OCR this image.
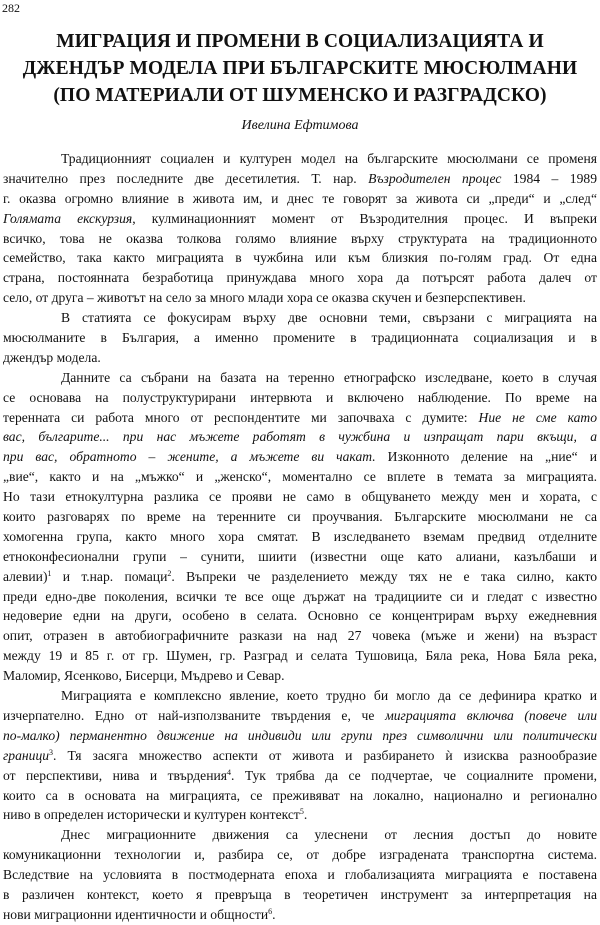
282
МИГРАЦИЯ И ПРОМЕНИ В СОЦИАЛИЗАЦИЯТА И
ДЖЕНДЪР МОДЕЛА ПРИ БЪЛГАРСКИТЕ МЮСЮЛМАНИ
(ПО МАТЕРИАЛИ ОТ ШУМЕНСКО И РАЗГРАДСКО)
Ивелина Ефтимова
Традиционният социален и културен модел на българските мюсюлмани се променя
значително през последните две десетилетия. Т. нар. Възродителен процес 1984 – 1989
г. оказва огромно влияние в живота им, и днес те говорят за живота си „преди“ и „след“
Голямата екскурзия, кулминационният момент от Възродителния процес. И въпреки
всичко, това не оказва толкова голямо влияние върху структурата на традиционното
семейство, така както миграцията в чужбина или към близкия по-голям град. От една
страна, постоянната безработица принуждава много хора да потърсят работа далеч от
село, от друга – животът на село за много млади хора се оказва скучен и безперспективен.
В статията се фокусирам върху две основни теми, свързани с миграцията на
мюсюлманите в България, а именно промените в традиционната социализация и в
джендър модела.
Данните са събрани на базата на теренно етнографско изследване, което в случая
се основава на полуструктурирани интервюта и включено наблюдение. По време на
теренната си работа много от респондентите ми започваха с думите: Ние не сме като
вас, българите... при нас мъжете работят в чужбина и изпращат пари вкъщи, а
при вас, обратното – жените, а мъжете ви чакат. Изконното деление на „ние“ и
„вие“, както и на „мъжко“ и „женско“, моментално се вплете в темата за миграцията.
Но тази етнокултурна разлика се прояви не само в общуването между мен и хората, с
които разговарях по време на теренните си проучвания. Българските мюсюлмани не са
хомогенна група, както много хора смятат. В изследването вземам предвид отделните
етноконфесионални групи – сунити, шиити (известни още като алиани, казълбаши и
алевии)$^1$ и т.нар. помаци$^2$. Въпреки че разделението между тях не е така силно, както
преди едно-две поколения, всички те все още държат на традициите си и гледат с известно
недоверие едни на други, особено в селата. Основно се концентрирам върху ежедневния
опит, отразен в автобиографичните разкази на над 27 човека (мъже и жени) на възраст
между 19 и 85 г. от гр. Шумен, гр. Разград и селата Тушовица, Бяла река, Нова Бяла река,
Маломир, Ясенково, Бисерци, Мъдрево и Севар.
Миграцията е комплексно явление, което трудно би могло да се дефинира кратко и
изчерпателно. Едно от най-използваните твърдения е, че миграцията включва (повече или
по-малко) перманентно движение на индивиди или групи през символични или политически
граници$^3$. Тя засяга множество аспекти от живота и разбирането ѝ изисква разнообразие
от перспективи, нива и твърдения$^4$. Тук трябва да се подчертае, че социалните промени,
които са в основата на миграцията, се преживяват на локално, национално и регионално
ниво в определен исторически и културен контекст$^5$.
Днес миграционните движения са улеснени от лесния достъп до новите
комуникационни технологии и, разбира се, от добре изградената транспортна система.
Вследствие на условията в постмодерната епоха и глобализацията миграцията е поставена
в различен контекст, което я превръща в теоретичен инструмент за интерпретация на
нови миграционни идентичности и общности$^6$.
